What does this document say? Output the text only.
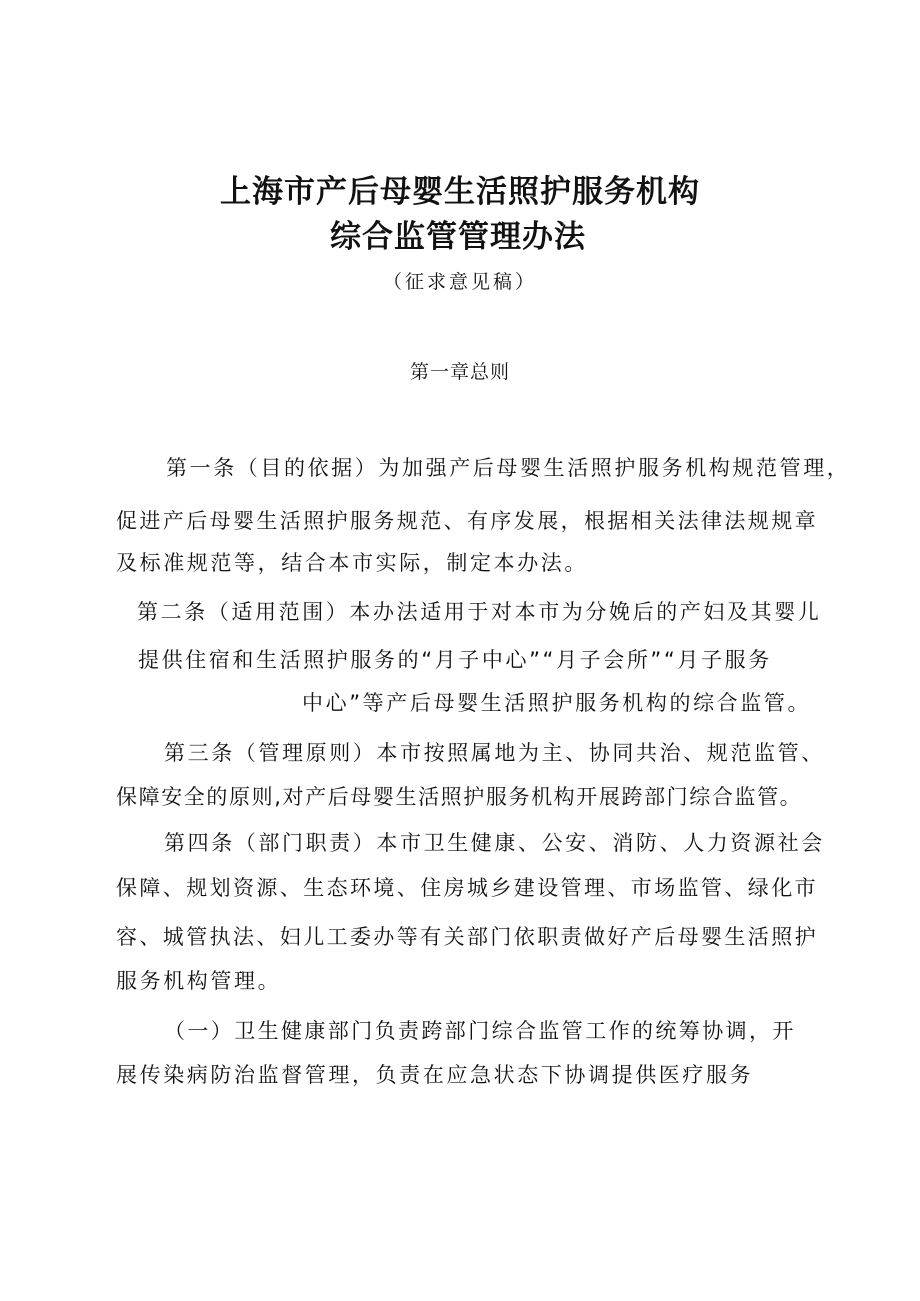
上海市产后母婴生活照护服务机构
综合监管管理办法
（征求意见稿）
第一章总则
第一条（目的依据）为加强产后母婴生活照护服务机构规范管理，
促进产后母婴生活照护服务规范、有序发展，根据相关法律法规规章
及标准规范等，结合本市实际，制定本办法。
第二条（适用范围）本办法适用于对本市为分娩后的产妇及其婴儿
提供住宿和生活照护服务的“月子中心”“月子会所”“月子服务
中心”等产后母婴生活照护服务机构的综合监管。
第三条（管理原则）本市按照属地为主、协同共治、规范监管、
保障安全的原则,对产后母婴生活照护服务机构开展跨部门综合监管。
第四条（部门职责）本市卫生健康、公安、消防、人力资源社会
保障、规划资源、生态环境、住房城乡建设管理、市场监管、绿化市
容、城管执法、妇儿工委办等有关部门依职责做好产后母婴生活照护
服务机构管理。
（一）卫生健康部门负责跨部门综合监管工作的统筹协调，开
展传染病防治监督管理，负责在应急状态下协调提供医疗服务
